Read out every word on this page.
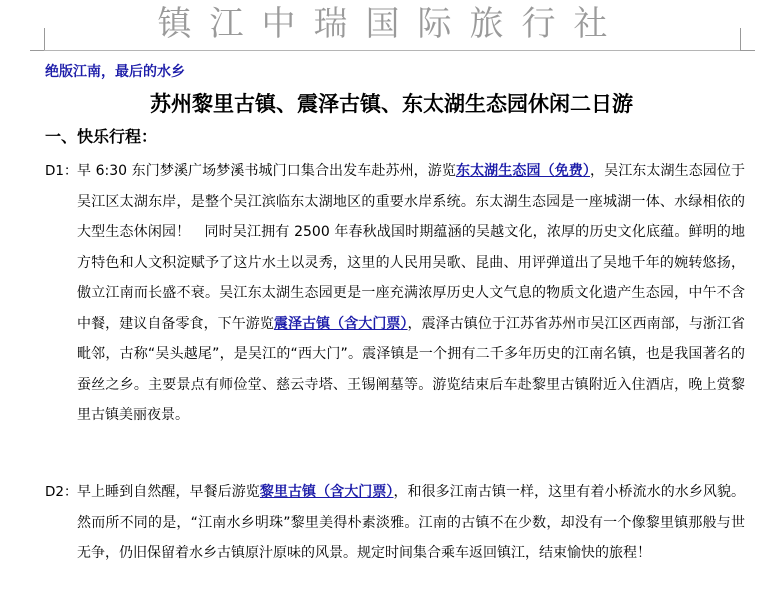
镇江中瑞国际旅行社
绝版江南，最后的水乡
苏州黎里古镇、震泽古镇、东太湖生态园休闲二日游
一、快乐行程：
D1： 早 6:30 东门梦溪广场梦溪书城门口集合出发车赴苏州，游览东太湖生态园（免费），吴江东太湖生态园位于吴江区太湖东岸，是整个吴江滨临东太湖地区的重要水岸系统。东太湖生态园是一座城湖一体、水绿相依的大型生态休闲园！　同时吴江拥有 2500 年春秋战国时期蕴涵的吴越文化，浓厚的历史文化底蕴。鲜明的地方特色和人文积淀赋予了这片水土以灵秀，这里的人民用吴歌、昆曲、用评弹道出了吴地千年的婉转悠扬，傲立江南而长盛不衰。吴江东太湖生态园更是一座充满浓厚历史人文气息的物质文化遗产生态园，中午不含中餐，建议自备零食，下午游览震泽古镇（含大门票），震泽古镇位于江苏省苏州市吴江区西南部，与浙江省毗邻，古称“吴头越尾”，是吴江的“西大门”。震泽镇是一个拥有二千多年历史的江南名镇，也是我国著名的蚕丝之乡。主要景点有师俭堂、慈云寺塔、王锡阐墓等。游览结束后车赴黎里古镇附近入住酒店，晚上赏黎里古镇美丽夜景。
D2： 早上睡到自然醒，早餐后游览黎里古镇（含大门票），和很多江南古镇一样，这里有着小桥流水的水乡风貌。然而所不同的是，“江南水乡明珠”黎里美得朴素淡雅。江南的古镇不在少数，却没有一个像黎里镇那般与世无争，仍旧保留着水乡古镇原汁原味的风景。规定时间集合乘车返回镇江，结束愉快的旅程！
